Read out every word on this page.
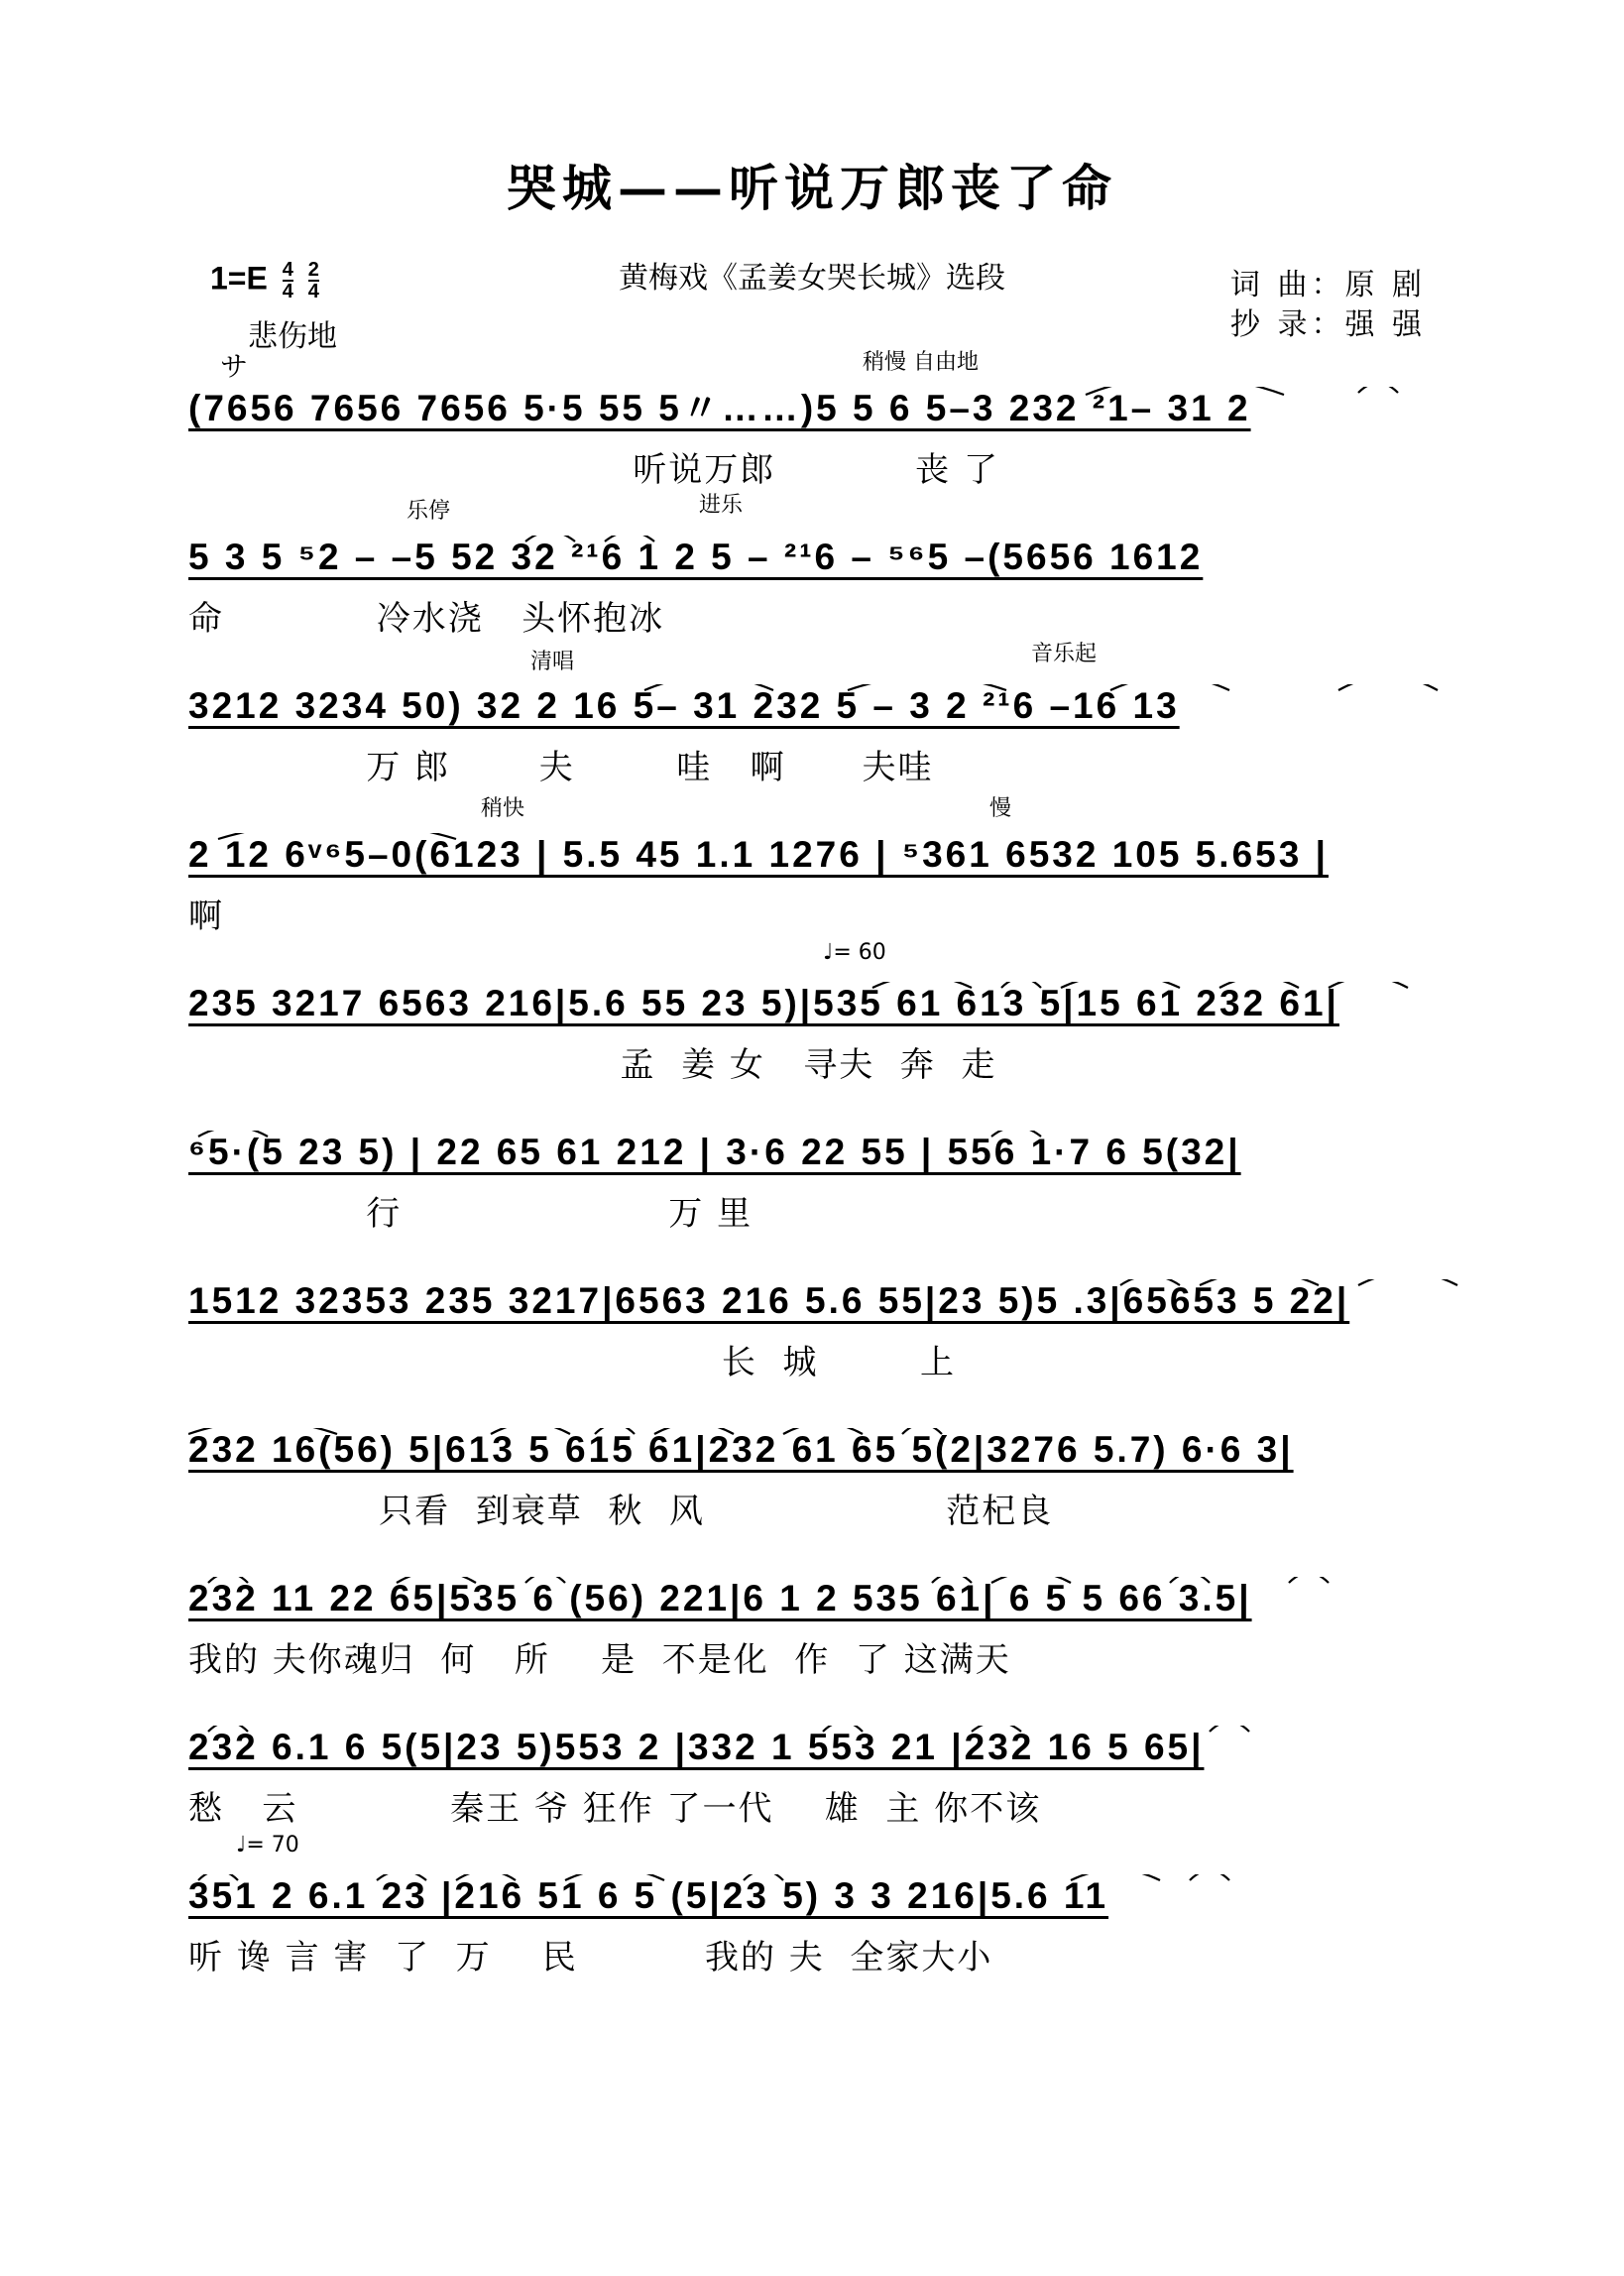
哭城——听说万郎丧了命
$1=E \frac{4}{4}$
$\frac{2}{4}$	黄梅戏《孟姜女哭长城》选段	词 曲：原 剧
抄 录：强 强
悲伤地
サ	稍慢 自由地
(7656 7656 7656 5·5 55 5〃……)5 5 6 5–3 232 ²1– 31 2
听说万郎           丧 了
乐停	进乐
5 3 5 ⁵2 – –5 52 32 ²¹6 1 2 5 – ²¹6 – ⁵⁶5 –(5656 1612
命            冷水浇   头怀抱冰
清唱	音乐起
3212 3234 50) 32 2 16 5– 31 232 5 – 3 2 ²¹6 –16 13
万 郎       夫        哇   啊      夫哇
稍快	慢
2 12 6ᵛ⁶5–0(6123 | 5.5 45 1.1 1276 | ⁵361 6532 105 5.653 |
啊
♩= 60
235 3217 6563 216|5.6 55 23 5)|535 61 613 5|15 61 232 61|
孟  姜 女   寻夫  奔  走
⁶5·(5 23 5) | 22 65 61 212 | 3·6 22 55 | 556 1·7 6 5(32|
行                     万 里
1512 32353 235 3217|6563 216 5.6 55|23 5)5 .3|65653 5 22|
长  城        上
232 16(56) 5|613 5 615 61|232 61 65 5(2|3276 5.7) 6·6 3|
只看  到衰草  秋  风                   范杞良
232 11 22 65|535 6 (56) 221|6 1 2 535 61| 6 5 5 66 3.5|
我的 夫你魂归  何   所    是  不是化  作  了 这满天
232 6.1 6 5(5|23 5)553 2 |332 1 553 21 |232 16 5 65|
愁   云            秦王 爷 狂作 了一代    雄  主 你不该
♩= 70
351 2 6.1 23 |216 51 6 5 (5|23 5) 3 3 216|5.6 11
听 谗 言 害  了  万    民          我的 夫  全家大小
